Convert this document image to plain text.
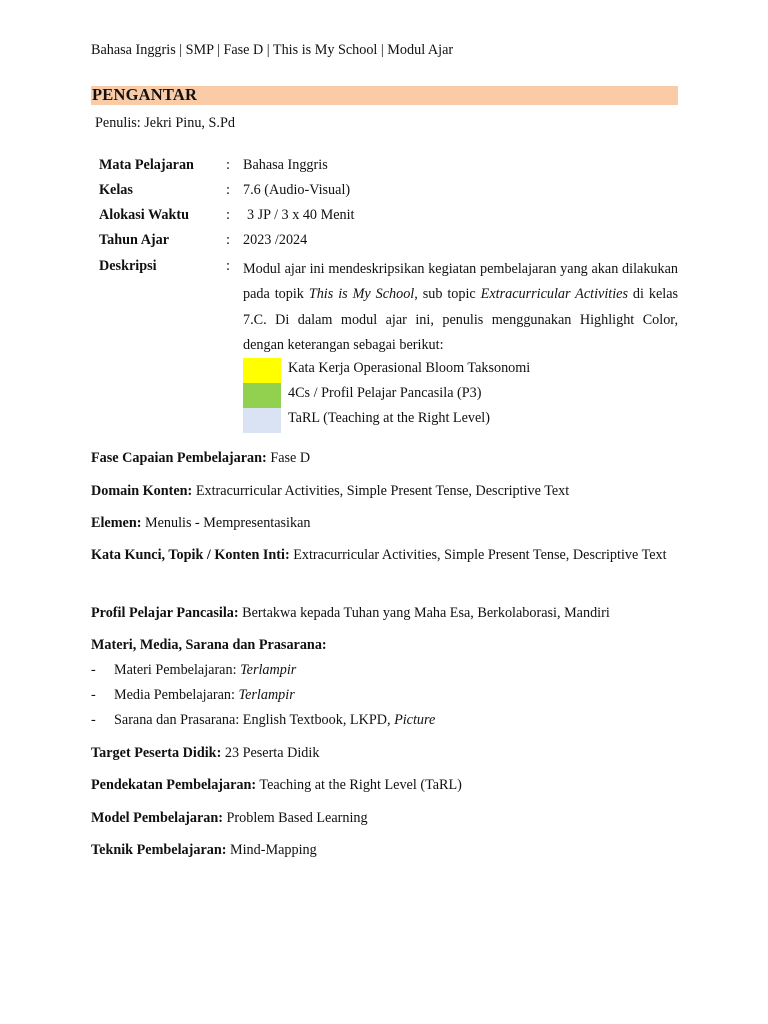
Bahasa Inggris | SMP | Fase D | This is My School | Modul Ajar
PENGANTAR
Penulis: Jekri Pinu, S.Pd
Mata Pelajaran : Bahasa Inggris
Kelas	: 7.6 (Audio-Visual)
Alokasi Waktu	: 3 JP / 3 x 40 Menit
Tahun Ajar	: 2023 /2024
Deskripsi	: Modul ajar ini mendeskripsikan kegiatan pembelajaran yang akan dilakukan pada topik This is My School, sub topic Extracurricular Activities di kelas 7.C. Di dalam modul ajar ini, penulis menggunakan Highlight Color, dengan keterangan sebagai berikut:
Kata Kerja Operasional Bloom Taksonomi
4Cs / Profil Pelajar Pancasila (P3)
TaRL (Teaching at the Right Level)
Fase Capaian Pembelajaran: Fase D
Domain Konten: Extracurricular Activities, Simple Present Tense, Descriptive Text
Elemen: Menulis - Mempresentasikan
Kata Kunci, Topik / Konten Inti: Extracurricular Activities, Simple Present Tense, Descriptive Text
Profil Pelajar Pancasila: Bertakwa kepada Tuhan yang Maha Esa, Berkolaborasi, Mandiri
Materi, Media, Sarana dan Prasarana:
- Materi Pembelajaran: Terlampir
- Media Pembelajaran: Terlampir
- Sarana dan Prasarana: English Textbook, LKPD, Picture
Target Peserta Didik: 23 Peserta Didik
Pendekatan Pembelajaran: Teaching at the Right Level (TaRL)
Model Pembelajaran: Problem Based Learning
Teknik Pembelajaran: Mind-Mapping
